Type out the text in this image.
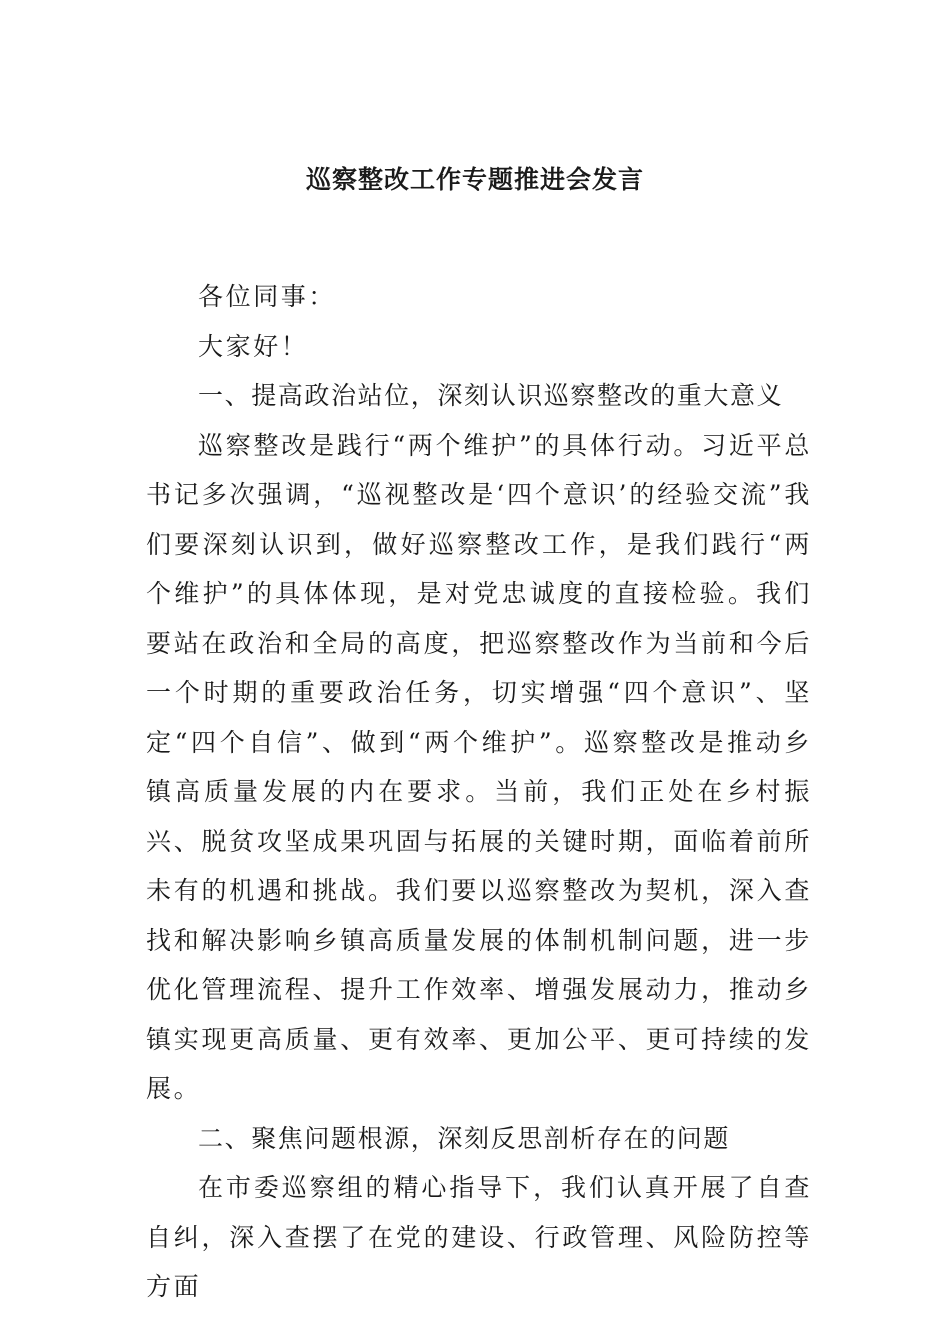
巡察整改工作专题推进会发言

各位同事：

大家好！

一、提高政治站位，深刻认识巡察整改的重大意义

巡察整改是践行“两个维护”的具体行动。习近平总书记多次强调，“巡视整改是‘四个意识’的经验交流”我们要深刻认识到，做好巡察整改工作，是我们践行“两个维护”的具体体现，是对党忠诚度的直接检验。我们要站在政治和全局的高度，把巡察整改作为当前和今后一个时期的重要政治任务，切实增强“四个意识”、坚定“四个自信”、做到“两个维护”。巡察整改是推动乡镇高质量发展的内在要求。当前，我们正处在乡村振兴、脱贫攻坚成果巩固与拓展的关键时期，面临着前所未有的机遇和挑战。我们要以巡察整改为契机，深入查找和解决影响乡镇高质量发展的体制机制问题，进一步优化管理流程、提升工作效率、增强发展动力，推动乡镇实现更高质量、更有效率、更加公平、更可持续的发展。

二、聚焦问题根源，深刻反思剖析存在的问题

在市委巡察组的精心指导下，我们认真开展了自查自纠，深入查摆了在党的建设、行政管理、风险防控等方面
